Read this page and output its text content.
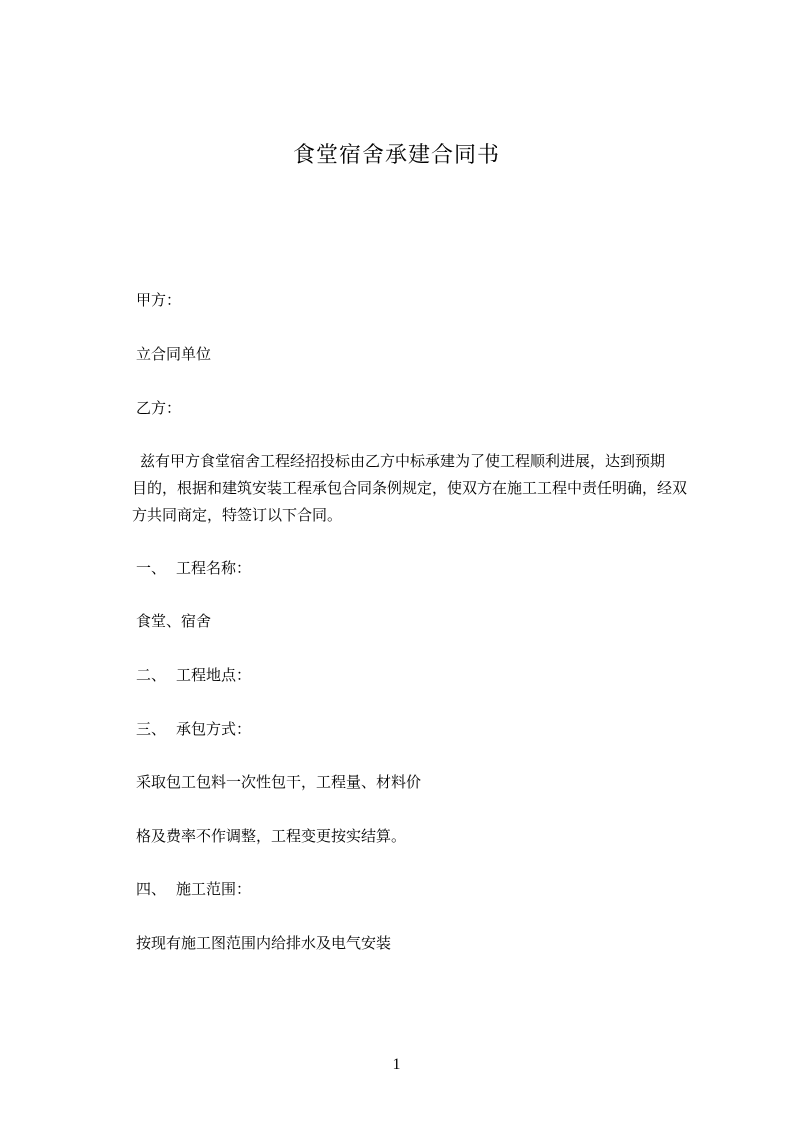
食堂宿舍承建合同书
甲方：
立合同单位
乙方：
兹有甲方食堂宿舍工程经招投标由乙方中标承建为了使工程顺利进展，达到预期
目的，根据和建筑安装工程承包合同条例规定，使双方在施工工程中责任明确，经双
方共同商定，特签订以下合同。
一、 工程名称：
食堂、宿舍
二、 工程地点：
三、 承包方式：
采取包工包料一次性包干，工程量、材料价
格及费率不作调整，工程变更按实结算。
四、 施工范围：
按现有施工图范围内给排水及电气安装
1
